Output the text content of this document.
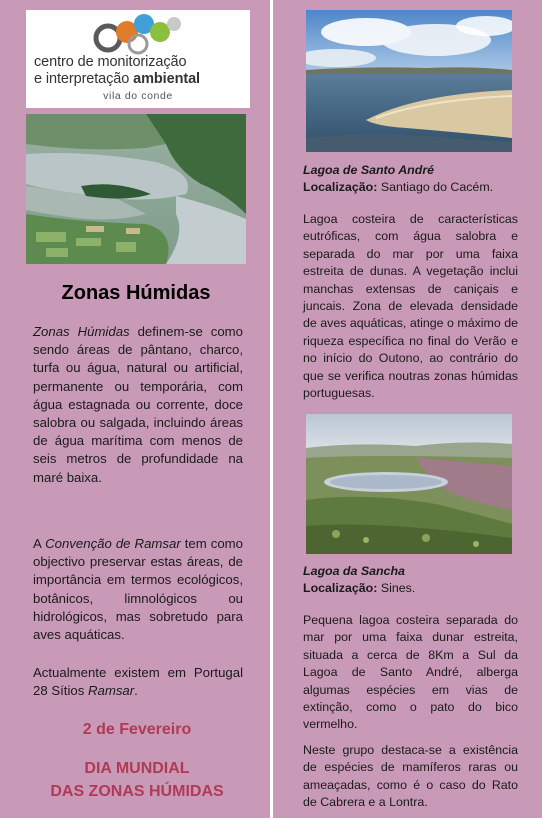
centro de monitorização
e interpretação ambiental
vila do conde
Zonas Húmidas
Zonas Húmidas definem-se como sendo áreas de pântano, charco, turfa ou água, natural ou artificial, permanente ou temporária, com água estagnada ou corrente, doce salobra ou salgada, incluindo áreas de água marítima com menos de seis metros de profundidade na maré baixa.
A Convenção de Ramsar tem como objectivo preservar estas áreas, de importância em termos ecológicos, botânicos, limnológicos ou hidrológicos, mas sobretudo para aves aquáticas.
Actualmente existem em Portugal 28 Sítios Ramsar.
2 de Fevereiro
DIA MUNDIAL
DAS ZONAS HÚMIDAS
Lagoa de Santo André
Localização: Santiago do Cacém.
Lagoa costeira de características eutróficas, com água salobra e separada do mar por uma faixa estreita de dunas. A vegetação inclui manchas extensas de caniçais e juncais. Zona de elevada densidade de aves aquáticas, atinge o máximo de riqueza específica no final do Verão e no início do Outono, ao contrário do que se verifica noutras zonas húmidas portuguesas.
Lagoa da Sancha
Localização: Sines.
Pequena lagoa costeira separada do mar por uma faixa dunar estreita, situada a cerca de 8Km a Sul da Lagoa de Santo André, alberga algumas espécies em vias de extinção, como o pato do bico vermelho.
Neste grupo destaca-se a existência de espécies de mamíferos raras ou ameaçadas, como é o caso do Rato de Cabrera e a Lontra.
